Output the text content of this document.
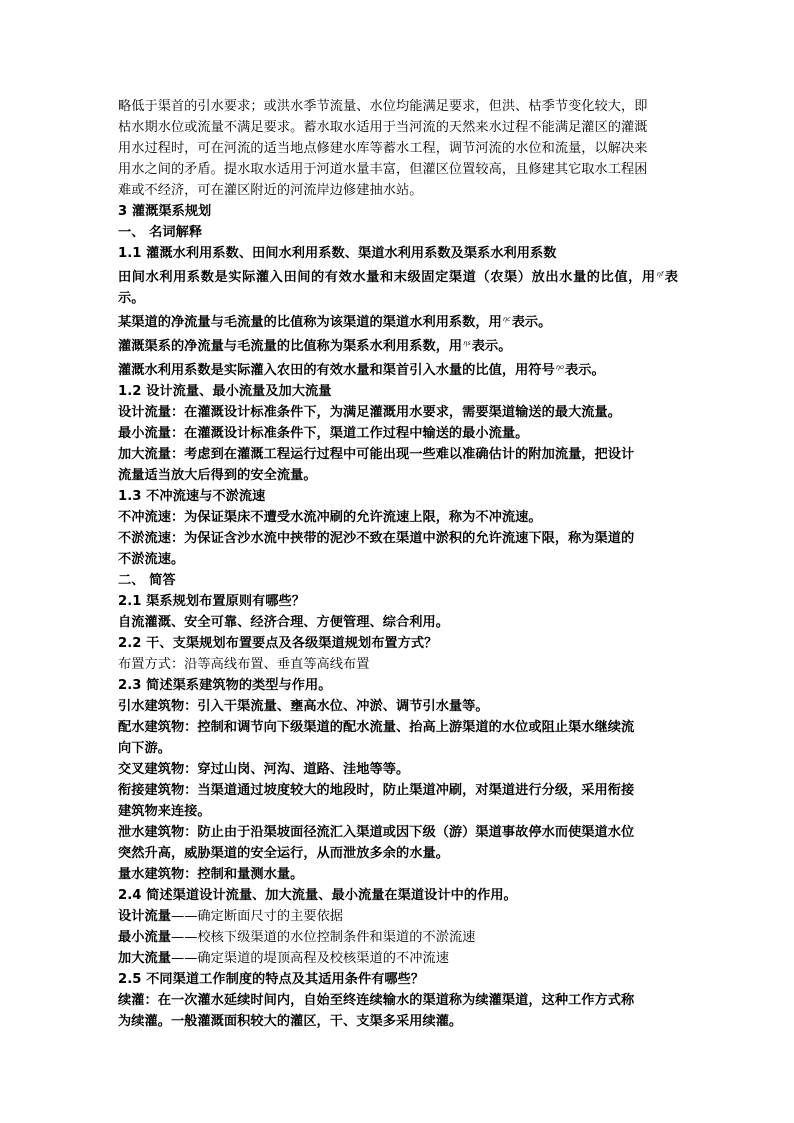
略低于渠首的引水要求；或洪水季节流量、水位均能满足要求，但洪、枯季节变化较大，即
枯水期水位或流量不满足要求。蓄水取水适用于当河流的天然来水过程不能满足灌区的灌溉
用水过程时，可在河流的适当地点修建水库等蓄水工程，调节河流的水位和流量，以解决来
用水之间的矛盾。提水取水适用于河道水量丰富，但灌区位置较高，且修建其它取水工程困
难或不经济，可在灌区附近的河流岸边修建抽水站。
3 灌溉渠系规划
一、 名词解释
1.1 灌溉水利用系数、田间水利用系数、渠道水利用系数及渠系水利用系数
田间水利用系数是实际灌入田间的有效水量和末级固定渠道（农渠）放出水量的比值，用$^{\eta f}$表示。
某渠道的净流量与毛流量的比值称为该渠道的渠道水利用系数，用$^{\eta c}$表示。
灌溉渠系的净流量与毛流量的比值称为渠系水利用系数，用$^{\eta s}$表示。
灌溉水利用系数是实际灌入农田的有效水量和渠首引入水量的比值，用符号$^{\eta o}$表示。
1.2 设计流量、最小流量及加大流量
设计流量：在灌溉设计标准条件下，为满足灌溉用水要求，需要渠道输送的最大流量。
最小流量：在灌溉设计标准条件下，渠道工作过程中输送的最小流量。
加大流量：考虑到在灌溉工程运行过程中可能出现一些难以准确估计的附加流量，把设计
流量适当放大后得到的安全流量。
1.3 不冲流速与不淤流速
不冲流速：为保证渠床不遭受水流冲刷的允许流速上限，称为不冲流速。
不淤流速：为保证含沙水流中挟带的泥沙不致在渠道中淤积的允许流速下限，称为渠道的
不淤流速。
二、 简答
2.1 渠系规划布置原则有哪些？
自流灌溉、安全可靠、经济合理、方便管理、综合利用。
2.2 干、支渠规划布置要点及各级渠道规划布置方式？
布置方式：沿等高线布置、垂直等高线布置
2.3 简述渠系建筑物的类型与作用。
引水建筑物：引入干渠流量、壅高水位、冲淤、调节引水量等。
配水建筑物：控制和调节向下级渠道的配水流量、抬高上游渠道的水位或阻止渠水继续流
向下游。
交叉建筑物：穿过山岗、河沟、道路、洼地等等。
衔接建筑物：当渠道通过坡度较大的地段时，防止渠道冲刷，对渠道进行分级，采用衔接
建筑物来连接。
泄水建筑物：防止由于沿渠坡面径流汇入渠道或因下级（游）渠道事故停水而使渠道水位
突然升高，威胁渠道的安全运行，从而泄放多余的水量。
量水建筑物：控制和量测水量。
2.4 简述渠道设计流量、加大流量、最小流量在渠道设计中的作用。
设计流量——确定断面尺寸的主要依据
最小流量——校核下级渠道的水位控制条件和渠道的不淤流速
加大流量——确定渠道的堤顶高程及校核渠道的不冲流速
2.5 不同渠道工作制度的特点及其适用条件有哪些？
续灌：在一次灌水延续时间内，自始至终连续输水的渠道称为续灌渠道，这种工作方式称
为续灌。一般灌溉面积较大的灌区，干、支渠多采用续灌。
